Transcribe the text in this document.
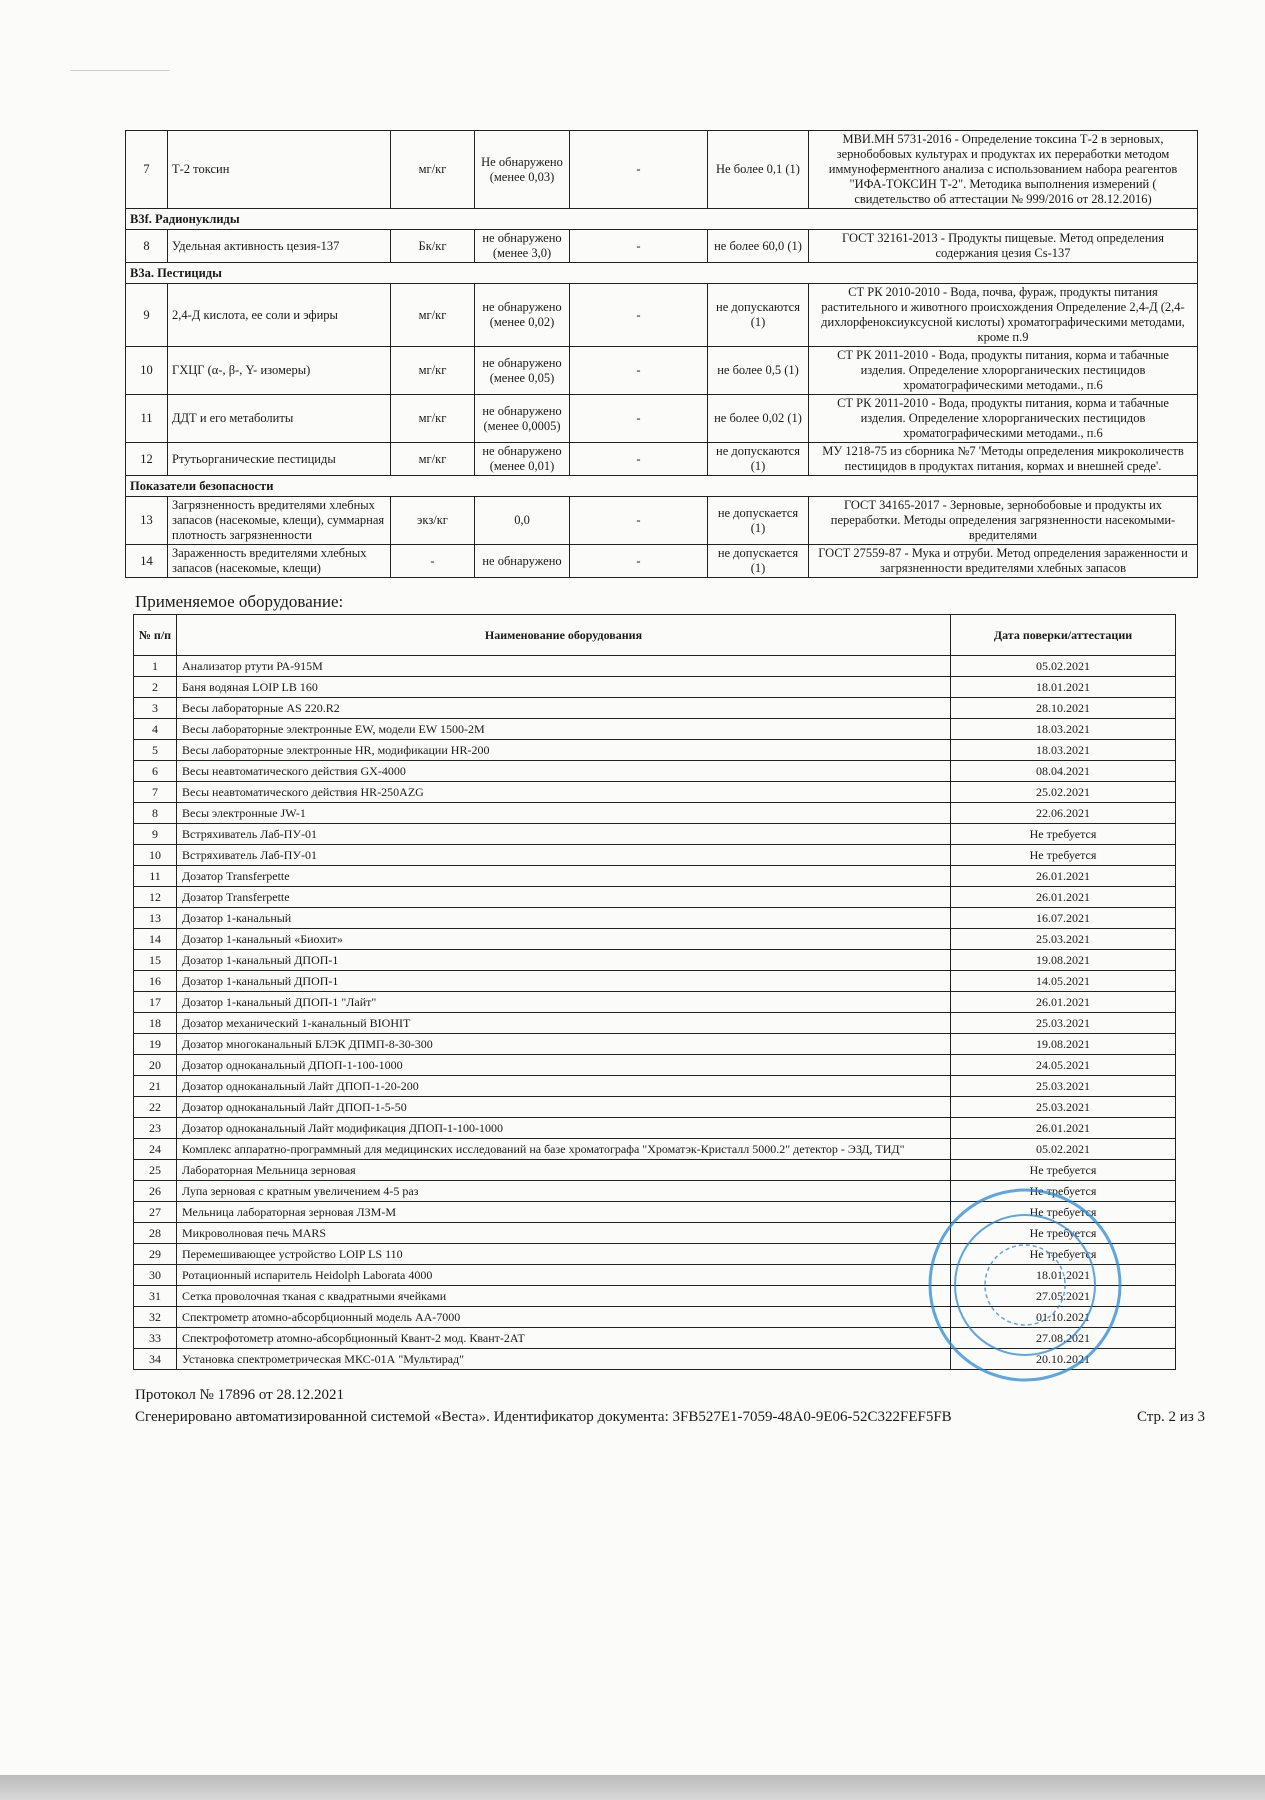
7	Т-2 токсин	мг/кг	Не обнаружено (менее 0,03)	-	Не более 0,1 (1)	МВИ.МН 5731-2016 - Определение токсина Т-2 в зерновых, зернобобовых культурах и продуктах их переработки методом иммуноферментного анализа с использованием набора реагентов "ИФА-ТОКСИН Т-2". Методика выполнения измерений ( свидетельство об аттестации № 999/2016 от 28.12.2016)
B3f. Радионуклиды						
8	Удельная активность цезия-137	Бк/кг	не обнаружено (менее 3,0)	-	не более 60,0 (1)	ГОСТ 32161-2013 - Продукты пищевые. Метод определения содержания цезия Cs-137
B3a. Пестициды						
9	2,4-Д кислота, ее соли и эфиры	мг/кг	не обнаружено (менее 0,02)	-	не допускаются (1)	СТ РК 2010-2010 - Вода, почва, фураж, продукты питания растительного и животного происхождения Определение 2,4-Д (2,4-дихлорфеноксиуксусной кислоты) хроматографическими методами, кроме п.9
10	ГХЦГ (α-, β-, Y- изомеры)	мг/кг	не обнаружено (менее 0,05)	-	не более 0,5 (1)	СТ РК 2011-2010 - Вода, продукты питания, корма и табачные изделия. Определение хлорорганических пестицидов хроматографическими методами., п.6
11	ДДТ и его метаболиты	мг/кг	не обнаружено (менее 0,0005)	-	не более 0,02 (1)	СТ РК 2011-2010 - Вода, продукты питания, корма и табачные изделия. Определение хлорорганических пестицидов хроматографическими методами., п.6
12	Ртутьорганические пестициды	мг/кг	не обнаружено (менее 0,01)	-	не допускаются (1)	МУ 1218-75 из сборника №7 'Методы определения микроколичеств пестицидов в продуктах питания, кормах и внешней среде'.
Показатели безопасности						
13	Загрязненность вредителями хлебных запасов (насекомые, клещи), суммарная плотность загрязненности	экз/кг	0,0	-	не допускается (1)	ГОСТ 34165-2017 - Зерновые, зернобобовые и продукты их переработки. Методы определения загрязненности насекомыми-вредителями
14	Зараженность вредителями хлебных запасов (насекомые, клещи)	-	не обнаружено	-	не допускается (1)	ГОСТ 27559-87 - Мука и отруби. Метод определения зараженности и загрязненности вредителями хлебных запасов
Применяемое оборудование:
№ п/п	Наименование оборудования	Дата поверки/аттестации
1	Анализатор ртути РА-915М	05.02.2021
2	Баня водяная LOIP LB 160	18.01.2021
3	Весы лабораторные AS 220.R2	28.10.2021
4	Весы лабораторные электронные EW, модели EW 1500-2M	18.03.2021
5	Весы лабораторные электронные HR, модификации HR-200	18.03.2021
6	Весы неавтоматического действия GX-4000	08.04.2021
7	Весы неавтоматического действия HR-250AZG	25.02.2021
8	Весы электронные JW-1	22.06.2021
9	Встряхиватель Лаб-ПУ-01	Не требуется
10	Встряхиватель Лаб-ПУ-01	Не требуется
11	Дозатор Transferpette	26.01.2021
12	Дозатор Transferpette	26.01.2021
13	Дозатор 1-канальный	16.07.2021
14	Дозатор 1-канальный «Биохит»	25.03.2021
15	Дозатор 1-канальный ДПОП-1	19.08.2021
16	Дозатор 1-канальный ДПОП-1	14.05.2021
17	Дозатор 1-канальный ДПОП-1 "Лайт"	26.01.2021
18	Дозатор механический 1-канальный BIOHIT	25.03.2021
19	Дозатор многоканальный БЛЭК ДПМП-8-30-300	19.08.2021
20	Дозатор одноканальный ДПОП-1-100-1000	24.05.2021
21	Дозатор одноканальный Лайт ДПОП-1-20-200	25.03.2021
22	Дозатор одноканальный Лайт ДПОП-1-5-50	25.03.2021
23	Дозатор одноканальный Лайт модификация ДПОП-1-100-1000	26.01.2021
24	Комплекс аппаратно-программный для медицинских исследований на базе хроматографа "Хроматэк-Кристалл 5000.2" детектор - ЭЗД, ТИД"	05.02.2021
25	Лабораторная Мельница зерновая	Не требуется
26	Лупа зерновая с кратным увеличением 4-5 раз	Не требуется
27	Мельница лабораторная зерновая ЛЗМ-М	Не требуется
28	Микроволновая печь MARS	Не требуется
29	Перемешивающее устройство LOIP LS 110	Не требуется
30	Ротационный испаритель Heidolph Laborata 4000	18.01.2021
31	Сетка проволочная тканая с квадратными ячейками	27.05.2021
32	Спектрометр атомно-абсорбционный модель АА-7000	01.10.2021
33	Спектрофотометр атомно-абсорбционный Квант-2 мод. Квант-2АТ	27.08.2021
34	Установка спектрометрическая МКС-01А "Мультирад"	20.10.2021
Протокол № 17896 от 28.12.2021
Сгенерировано автоматизированной системой «Веста». Идентификатор документа: 3FB527E1-7059-48A0-9E06-52C322FEF5FB	Стр. 2 из 3
